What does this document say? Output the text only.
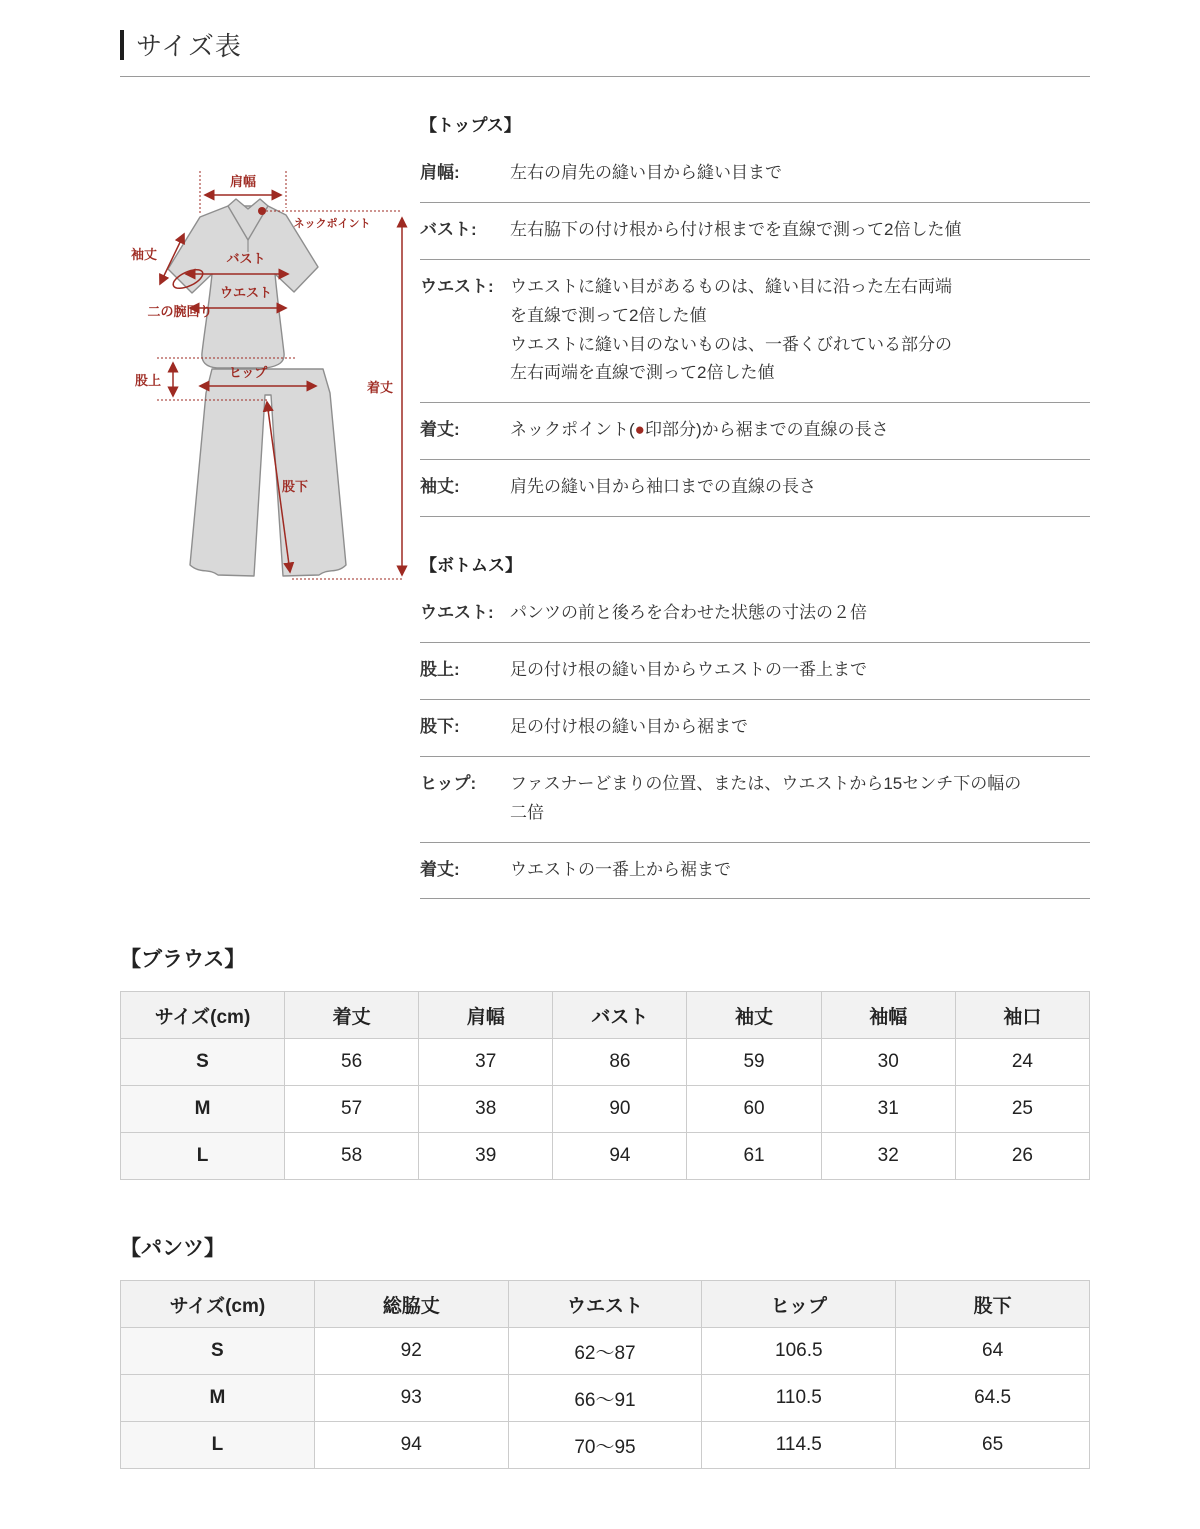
サイズ表
肩幅
ネックポイント
袖丈
二の腕回り
バスト
ウエスト
股上
ヒップ
着丈
股下
【トップス】
肩幅:	左右の肩先の縫い目から縫い目まで
バスト:	左右脇下の付け根から付け根までを直線で測って2倍した値
ウエスト: ウエストに縫い目があるものは、縫い目に沿った左右両端
を直線で測って2倍した値
ウエストに縫い目のないものは、一番くびれている部分の
左右両端を直線で測って2倍した値
着丈:	ネックポイント(●印部分)から裾までの直線の長さ
袖丈:	肩先の縫い目から袖口までの直線の長さ
【ボトムス】
ウエスト: パンツの前と後ろを合わせた状態の寸法の２倍
股上:	足の付け根の縫い目からウエストの一番上まで
股下:	足の付け根の縫い目から裾まで
ヒップ:	ファスナーどまりの位置、または、ウエストから15センチ下の幅の
二倍
着丈:	ウエストの一番上から裾まで
【ブラウス】
サイズ(cm)	着丈	肩幅	バスト	袖丈	袖幅	袖口
S	56	37	86	59	30	24
M	57	38	90	60	31	25
L	58	39	94	61	32	26
【パンツ】
サイズ(cm)	総脇丈	ウエスト	ヒップ	股下
S	92	62〜87	106.5	64
M	93	66〜91	110.5	64.5
L	94	70〜95	114.5	65
